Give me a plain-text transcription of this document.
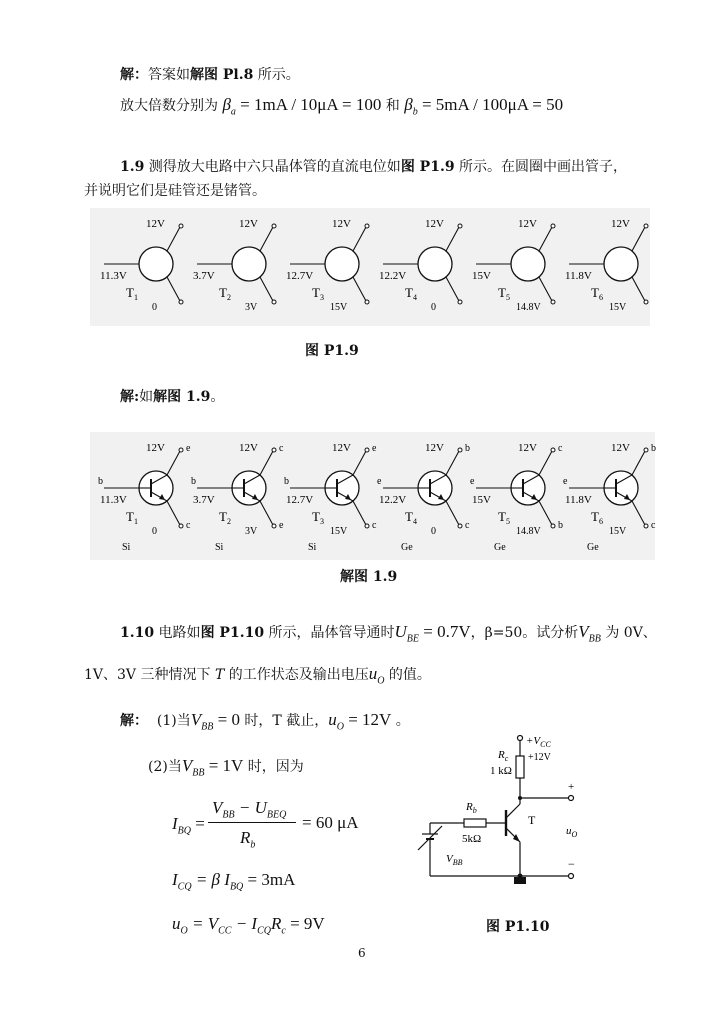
解：答案如解图 Pl.8 所示。
放大倍数分别为 $\beta_a = 1mA / 10\mu A = 100$ 和 $\beta_b = 5mA / 100\mu A = 50$
1.9 测得放大电路中六只晶体管的直流电位如图 P1.9 所示。在圆圈中画出管子，
并说明它们是硅管还是锗管。
12V
11.3V
0
$T_1$
12V
3.7V
3V
$T_2$
12V
12.7V
15V
$T_3$
12V
12.2V
0
$T_4$
12V
15V
14.8V
$T_5$
12V
11.8V
15V
$T_6$
图 P1.9
解:如解图 1.9。
12V
11.3V
0
$T_1$
b
e
c
Si
12V
3.7V
3V
$T_2$
b
c
e
Si
12V
12.7V
15V
$T_3$
b
e
c
Si
12V
12.2V
0
$T_4$
e
b
c
Ge
12V
15V
14.8V
$T_5$
e
c
b
Ge
12V
11.8V
15V
$T_6$
e
b
c
Ge
解图 1.9
1.10 电路如图 P1.10 所示，晶体管导通时$U_{BE} = 0.7V$，β=50。试分析$V_{BB}$ 为 0V、
1V、3V 三种情况下 T 的工作状态及输出电压$u_O$ 的值。
解： (1)当$V_{BB} = 0$ 时，T 截止，$u_O = 12V$ 。
(2)当$V_{BB} = 1V$ 时，因为
$I_{BQ}$ =
$V_{BB} - U_{BEQ}$
$R_b$
= 60 μA
$I_{CQ} = \beta$ $I_{BQ} = 3mA$
$u_O = V_{CC} - I_{CQ}R_c = 9V$
$+V_{CC}$
+12V
$R_c$
1 kΩ
$R_b$
5kΩ
T
+
−
$u_O$
$V_{BB}$
图 P1.10
6
